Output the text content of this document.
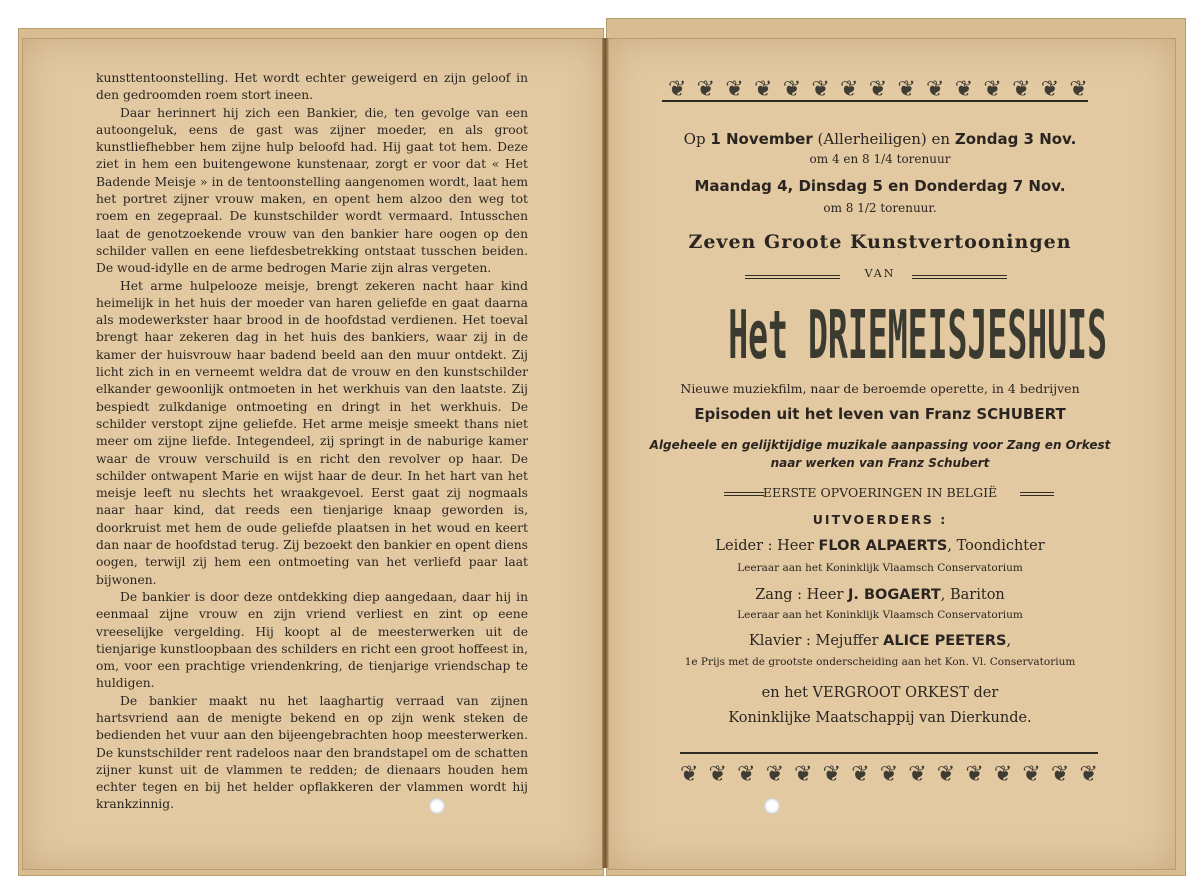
kunsttentoonstelling. Het wordt echter geweigerd en zijn geloof in den gedroomden roem stort ineen.

Daar herinnert hij zich een Bankier, die, ten gevolge van een autoongeluk, eens de gast was zijner moeder, en als groot kunstliefhebber hem zijne hulp beloofd had. Hij gaat tot hem. Deze ziet in hem een buitengewone kunstenaar, zorgt er voor dat « Het Badende Meisje » in de tentoonstelling aangenomen wordt, laat hem het portret zijner vrouw maken, en opent hem alzoo den weg tot roem en zegepraal. De kunstschilder wordt vermaard. Intusschen laat de genotzoekende vrouw van den bankier hare oogen op den schilder vallen en eene liefdesbetrekking ontstaat tusschen beiden. De woud-idylle en de arme bedrogen Marie zijn alras vergeten.

Het arme hulpelooze meisje, brengt zekeren nacht haar kind heimelijk in het huis der moeder van haren geliefde en gaat daarna als modewerkster haar brood in de hoofdstad verdienen. Het toeval brengt haar zekeren dag in het huis des bankiers, waar zij in de kamer der huisvrouw haar badend beeld aan den muur ontdekt. Zij licht zich in en verneemt weldra dat de vrouw en den kunstschilder elkander gewoonlijk ontmoeten in het werkhuis van den laatste. Zij bespiedt zulkdanige ontmoeting en dringt in het werkhuis. De schilder verstopt zijne geliefde. Het arme meisje smeekt thans niet meer om zijne liefde. Integendeel, zij springt in de naburige kamer waar de vrouw verschuild is en richt den revolver op haar. De schilder ontwapent Marie en wijst haar de deur. In het hart van het meisje leeft nu slechts het wraakgevoel. Eerst gaat zij nogmaals naar haar kind, dat reeds een tienjarige knaap geworden is, doorkruist met hem de oude geliefde plaatsen in het woud en keert dan naar de hoofdstad terug. Zij bezoekt den bankier en opent diens oogen, terwijl zij hem een ontmoeting van het verliefd paar laat bijwonen.

De bankier is door deze ontdekking diep aangedaan, daar hij in eenmaal zijne vrouw en zijn vriend verliest en zint op eene vreeselijke vergelding. Hij koopt al de meesterwerken uit de tienjarige kunstloopbaan des schilders en richt een groot hoffeest in, om, voor een prachtige vriendenkring, de tienjarige vriendschap te huldigen.

De bankier maakt nu het laaghartig verraad van zijnen hartsvriend aan de menigte bekend en op zijn wenk steken de bedienden het vuur aan den bijeengebrachten hoop meesterwerken. De kunstschilder rent radeloos naar den brandstapel om de schatten zijner kunst uit de vlammen te redden; de dienaars houden hem echter tegen en bij het helder opflakkeren der vlammen wordt hij krankzinnig.

❦ ❦ ❦ ❦ ❦ ❦ ❦ ❦ ❦ ❦ ❦ ❦ ❦ ❦ ❦
Op 1 November (Allerheiligen) en Zondag 3 Nov.
om 4 en 8 1/4 torenuur
Maandag 4, Dinsdag 5 en Donderdag 7 Nov.
om 8 1/2 torenuur.
Zeven Groote Kunstvertooningen
VAN
Het DRIEMEISJESHUIS
Nieuwe muziekfilm, naar de beroemde operette, in 4 bedrijven
Episoden uit het leven van Franz SCHUBERT
Algeheele en gelijktijdige muzikale aanpassing voor Zang en Orkest
naar werken van Franz Schubert
EERSTE OPVOERINGEN IN BELGIË
UITVOERDERS :
Leider : Heer FLOR ALPAERTS, Toondichter
Leeraar aan het Koninklijk Vlaamsch Conservatorium
Zang : Heer J. BOGAERT, Bariton
Leeraar aan het Koninklijk Vlaamsch Conservatorium
Klavier : Mejuffer ALICE PEETERS,
1e Prijs met de grootste onderscheiding aan het Kon. Vl. Conservatorium
en het VERGROOT ORKEST der
Koninklijke Maatschappij van Dierkunde.
❦ ❦ ❦ ❦ ❦ ❦ ❦ ❦ ❦ ❦ ❦ ❦ ❦ ❦ ❦
